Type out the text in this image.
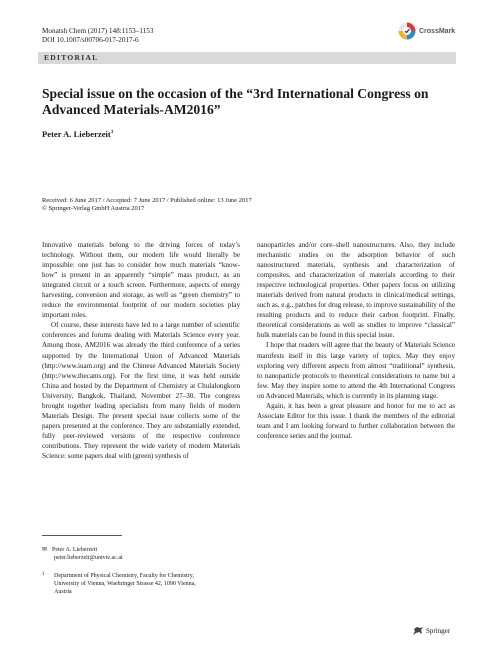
Monatsh Chem (2017) 148:1153–1153
DOI 10.1007/s00706-017-2017-6
CrossMark
EDITORIAL
Special issue on the occasion of the “3rd International Congress on Advanced Materials-AM2016”
Peter A. Lieberzeit$^1$
Received: 6 June 2017 / Accepted: 7 June 2017 / Published online: 13 June 2017
© Springer-Verlag GmbH Austria 2017

Innovative materials belong to the driving forces of today’s technology. Without them, our modern life would literally be impossible: one just has to consider how much materials “know-how” is present in an apparently “simple” mass product, as an integrated circuit or a touch screen. Furthermore, aspects of energy harvesting, conversion and storage, as well as “green chemistry” to reduce the environmental footprint of our modern societies play important roles.

Of course, these interests have led to a large number of scientific conferences and forums dealing with Materials Science every year. Among those, AM2016 was already the third conference of a series supported by the International Union of Advanced Materials (http://www.iuam.org) and the Chinese Advanced Materials Society (http://www.thecams.org). For the first time, it was held outside China and hosted by the Department of Chemistry at Chulalongkorn University, Bangkok, Thailand, November 27–30. The congress brought together leading specialists from many fields of modern Materials Design. The present special issue collects some of the papers presented at the conference. They are substantially extended, fully peer-reviewed versions of the respective conference contributions. They represent the wide variety of modern Materials Science: some papers deal with (green) synthesis of

nanoparticles and/or core–shell nanostructures. Also, they include mechanistic studies on the adsorption behavior of such nanostructured materials, synthesis and characterization of composites, and characterization of materials according to their respective technological properties. Other papers focus on utilizing materials derived from natural products in clinical/medical settings, such as, e.g., patches for drug release, to improve sustainability of the resulting products and to reduce their carbon footprint. Finally, theoretical considerations as well as studies to improve “classical” bulk materials can be found in this special issue.

I hope that readers will agree that the beauty of Materials Science manifests itself in this large variety of topics. May they enjoy exploring very different aspects from almost “traditional” synthesis, to nanoparticle protocols to theoretical considerations to name but a few. May they inspire some to attend the 4th International Congress on Advanced Materials, which is currently in its planning stage.

Again, it has been a great pleasure and honor for me to act as Associate Editor for this issue. I thank the members of the editorial team and I am looking forward to further collaboration between the conference series and the journal.

✉ Peter A. Lieberzeit
peter.lieberzeit@univie.ac.at
1	Department of Physical Chemistry, Faculty for Chemistry,
University of Vienna, Waehringer Strasse 42, 1090 Vienna,
Austria
Springer
